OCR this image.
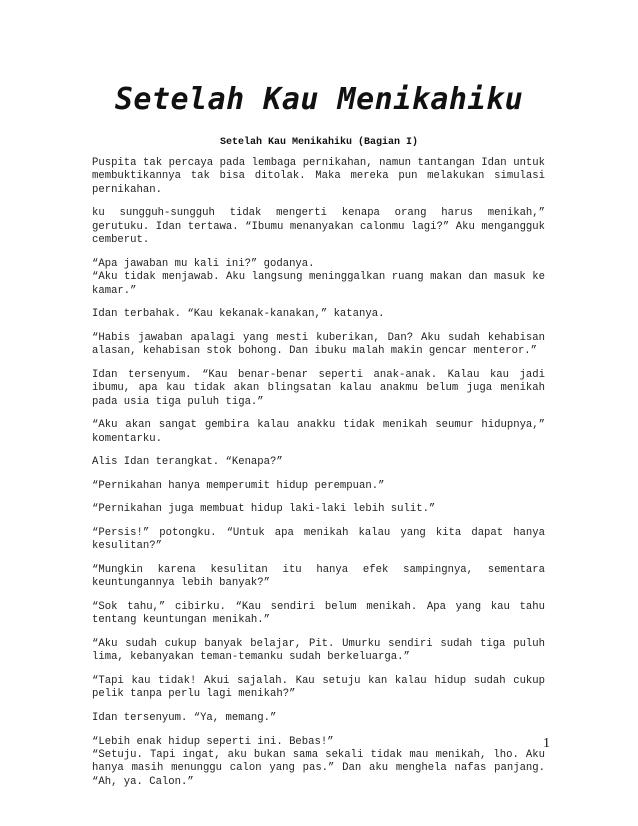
Setelah Kau Menikahiku
Setelah Kau Menikahiku (Bagian I)

Puspita tak percaya pada lembaga pernikahan, namun tantangan Idan untuk membuktikannya tak bisa ditolak. Maka mereka pun melakukan simulasi pernikahan.

ku sungguh-sungguh tidak mengerti kenapa orang harus menikah,” gerutuku. Idan tertawa. “Ibumu menanyakan calonmu lagi?” Aku mengangguk cemberut.

“Apa jawaban mu kali ini?” godanya.

“Aku tidak menjawab. Aku langsung meninggalkan ruang makan dan masuk ke kamar.”

Idan terbahak. “Kau kekanak-kanakan,” katanya.

“Habis jawaban apalagi yang mesti kuberikan, Dan? Aku sudah kehabisan alasan, kehabisan stok bohong. Dan ibuku malah makin gencar menteror.”

Idan tersenyum. “Kau benar-benar seperti anak-anak. Kalau kau jadi ibumu, apa kau tidak akan blingsatan kalau anakmu belum juga menikah pada usia tiga puluh tiga.”

“Aku akan sangat gembira kalau anakku tidak menikah seumur hidupnya,” komentarku.

Alis Idan terangkat. “Kenapa?”

“Pernikahan hanya memperumit hidup perempuan.”

“Pernikahan juga membuat hidup laki-laki lebih sulit.”

“Persis!” potongku. “Untuk apa menikah kalau yang kita dapat hanya kesulitan?”

“Mungkin karena kesulitan itu hanya efek sampingnya, sementara keuntungannya lebih banyak?”

“Sok tahu,” cibirku. “Kau sendiri belum menikah. Apa yang kau tahu tentang keuntungan menikah.”

“Aku sudah cukup banyak belajar, Pit. Umurku sendiri sudah tiga puluh lima, kebanyakan teman-temanku sudah berkeluarga.”

“Tapi kau tidak! Akui sajalah. Kau setuju kan kalau hidup sudah cukup pelik tanpa perlu lagi menikah?”

Idan tersenyum. “Ya, memang.”

“Lebih enak hidup seperti ini. Bebas!”

“Setuju. Tapi ingat, aku bukan sama sekali tidak mau menikah, lho. Aku hanya masih menunggu calon yang pas.” Dan aku menghela nafas panjang. “Ah, ya. Calon.”

1
